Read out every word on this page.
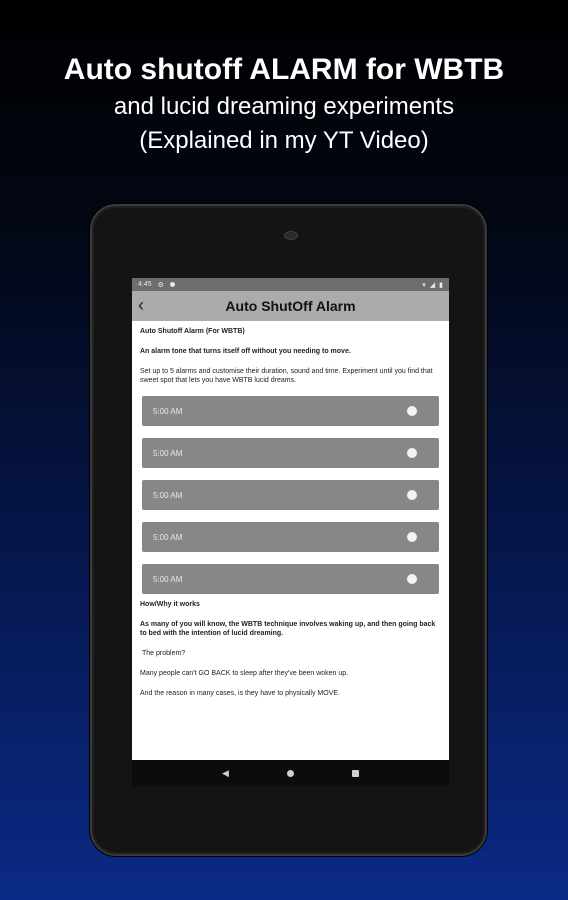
Auto shutoff ALARM for WBTB
and lucid dreaming experiments
(Explained in my YT Video)
4:45 ⚙	▾ ◢ ▮
‹	Auto ShutOff Alarm

Auto Shutoff Alarm (For WBTB)

An alarm tone that turns itself off without you needing to move.

Set up to 5 alarms and customise their duration, sound and time. Experiment until you find that sweet spot that lets you have WBTB lucid dreams.

5:00 AM
5:00 AM
5:00 AM
5:00 AM
5:00 AM

How/Why it works

As many of you will know, the WBTB technique involves waking up, and then going back to bed with the intention of lucid dreaming.

The problem?

Many people can't GO BACK to sleep after they've been woken up.

And the reason in many cases, is they have to physically MOVE.

◀
